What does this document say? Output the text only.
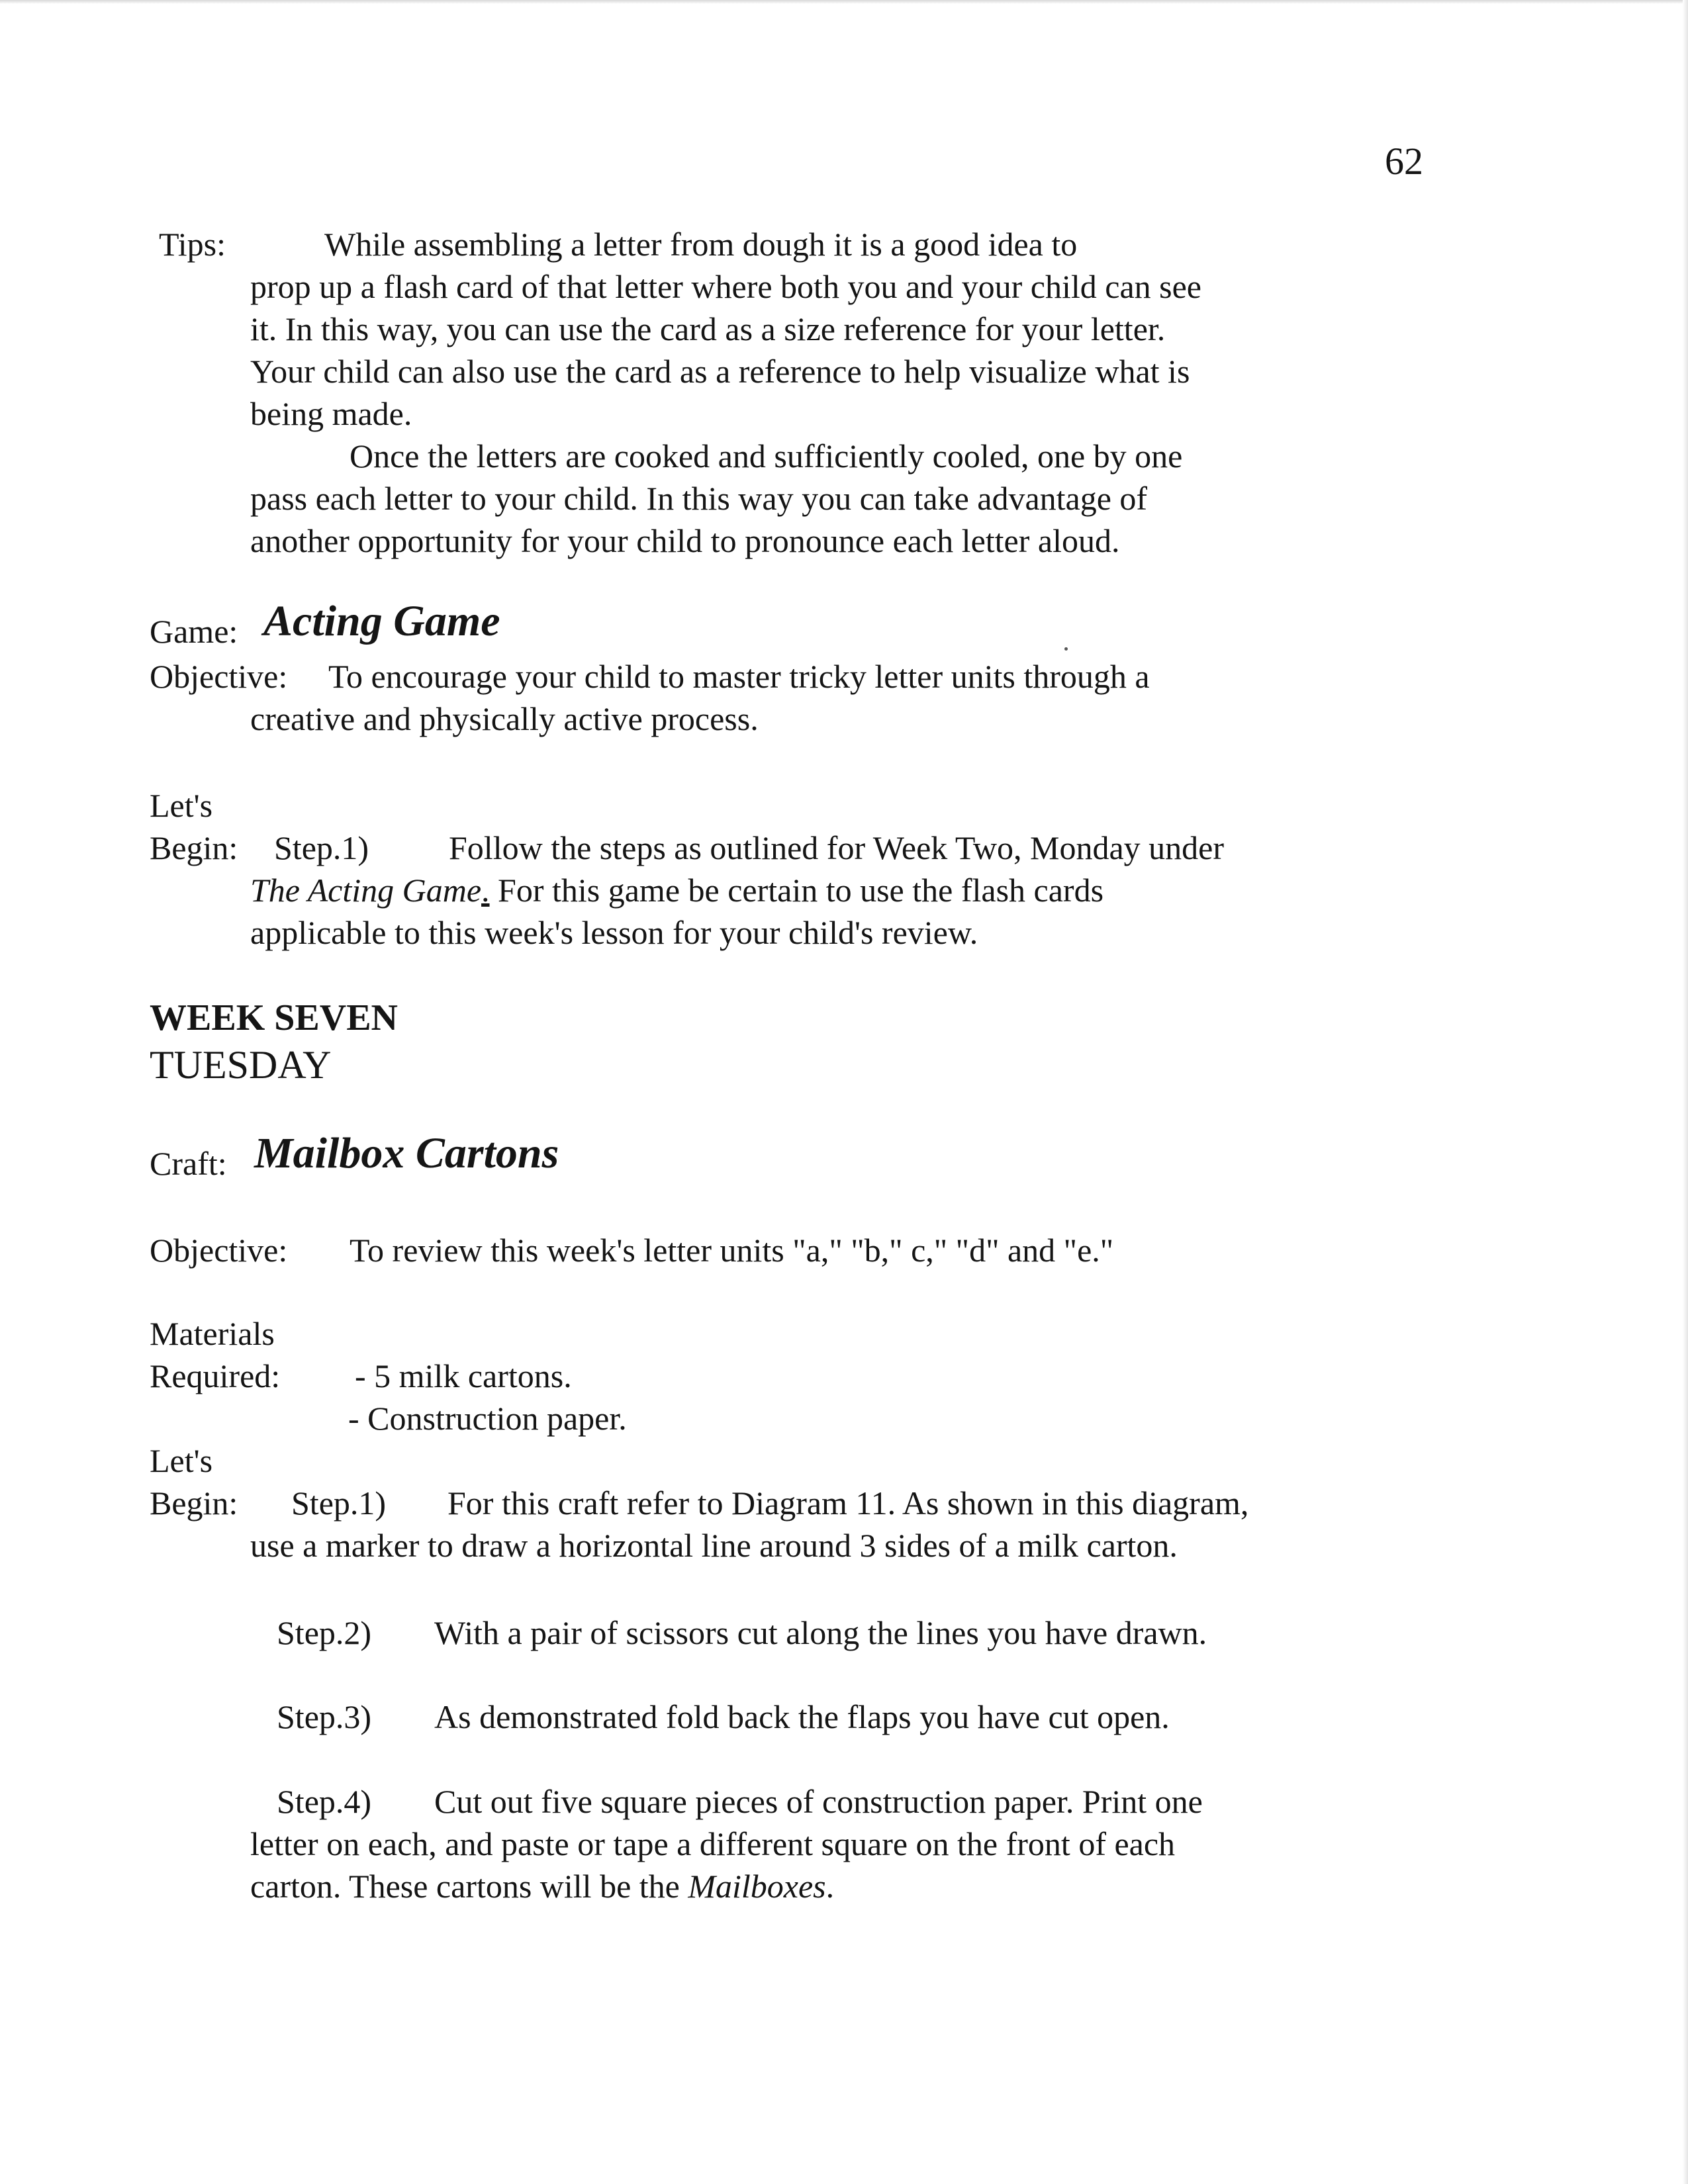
62
Tips:	While assembling a letter from dough it is a good idea to
prop up a flash card of that letter where both you and your child can see
it. In this way, you can use the card as a size reference for your letter.
Your child can also use the card as a reference to help visualize what is
being made.
Once the letters are cooked and sufficiently cooled, one by one
pass each letter to your child. In this way you can take advantage of
another opportunity for your child to pronounce each letter aloud.
Game: Acting Game
Objective: To encourage your child to master tricky letter units through a
creative and physically active process.
Let's
Begin: Step.1) Follow the steps as outlined for Week Two, Monday under
The Acting Game. For this game be certain to use the flash cards
applicable to this week's lesson for your child's review.
WEEK SEVEN
TUESDAY
Craft: Mailbox Cartons
Objective: To review this week's letter units "a," "b," c," "d" and "e."
Materials
Required: - 5 milk cartons.
- Construction paper.
Let's
Begin: Step.1) For this craft refer to Diagram 11. As shown in this diagram,
use a marker to draw a horizontal line around 3 sides of a milk carton.
Step.2) With a pair of scissors cut along the lines you have drawn.
Step.3) As demonstrated fold back the flaps you have cut open.
Step.4) Cut out five square pieces of construction paper. Print one
letter on each, and paste or tape a different square on the front of each
carton. These cartons will be the Mailboxes.
